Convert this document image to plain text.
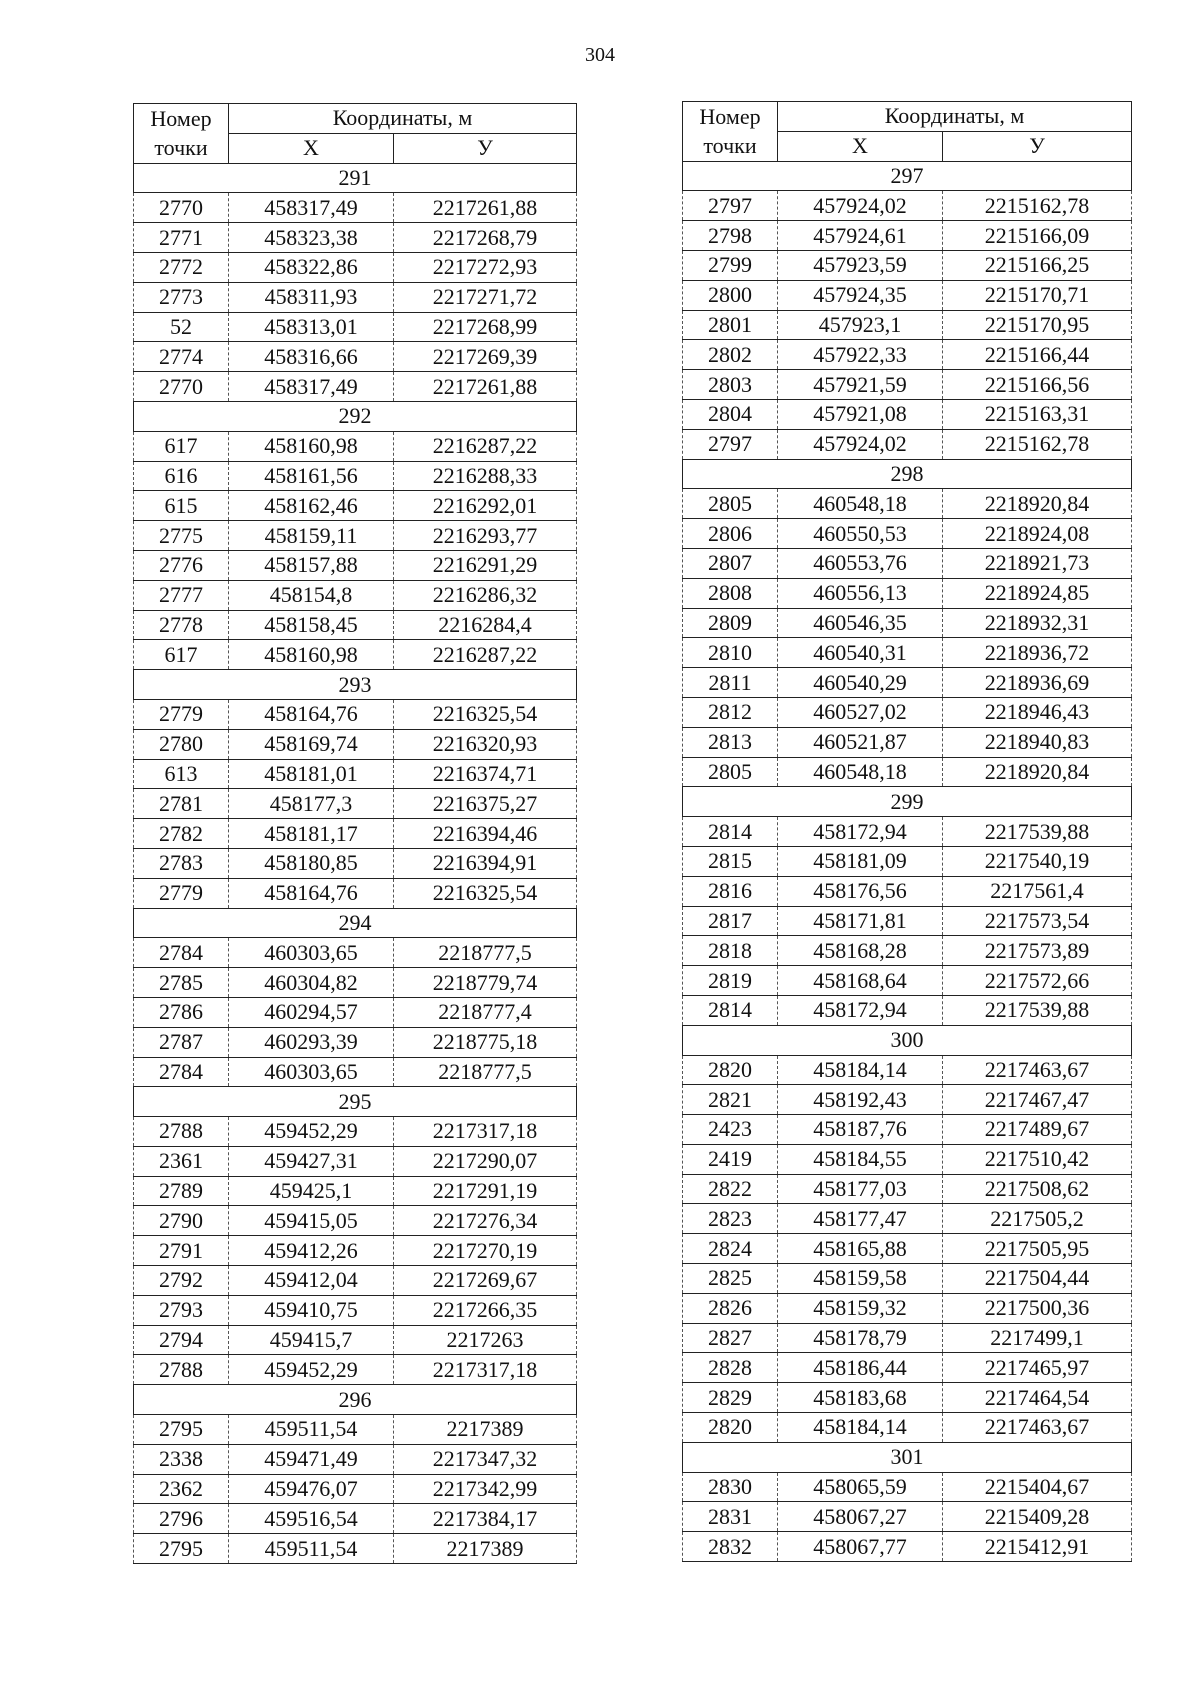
304
Номер
точки	Координаты, м	
	Х	У
291		
2770	458317,49	2217261,88
2771	458323,38	2217268,79
2772	458322,86	2217272,93
2773	458311,93	2217271,72
52	458313,01	2217268,99
2774	458316,66	2217269,39
2770	458317,49	2217261,88
292		
617	458160,98	2216287,22
616	458161,56	2216288,33
615	458162,46	2216292,01
2775	458159,11	2216293,77
2776	458157,88	2216291,29
2777	458154,8	2216286,32
2778	458158,45	2216284,4
617	458160,98	2216287,22
293		
2779	458164,76	2216325,54
2780	458169,74	2216320,93
613	458181,01	2216374,71
2781	458177,3	2216375,27
2782	458181,17	2216394,46
2783	458180,85	2216394,91
2779	458164,76	2216325,54
294		
2784	460303,65	2218777,5
2785	460304,82	2218779,74
2786	460294,57	2218777,4
2787	460293,39	2218775,18
2784	460303,65	2218777,5
295		
2788	459452,29	2217317,18
2361	459427,31	2217290,07
2789	459425,1	2217291,19
2790	459415,05	2217276,34
2791	459412,26	2217270,19
2792	459412,04	2217269,67
2793	459410,75	2217266,35
2794	459415,7	2217263
2788	459452,29	2217317,18
296		
2795	459511,54	2217389
2338	459471,49	2217347,32
2362	459476,07	2217342,99
2796	459516,54	2217384,17
2795	459511,54	2217389
Номер
точки	Координаты, м	
	Х	У
297		
2797	457924,02	2215162,78
2798	457924,61	2215166,09
2799	457923,59	2215166,25
2800	457924,35	2215170,71
2801	457923,1	2215170,95
2802	457922,33	2215166,44
2803	457921,59	2215166,56
2804	457921,08	2215163,31
2797	457924,02	2215162,78
298		
2805	460548,18	2218920,84
2806	460550,53	2218924,08
2807	460553,76	2218921,73
2808	460556,13	2218924,85
2809	460546,35	2218932,31
2810	460540,31	2218936,72
2811	460540,29	2218936,69
2812	460527,02	2218946,43
2813	460521,87	2218940,83
2805	460548,18	2218920,84
299		
2814	458172,94	2217539,88
2815	458181,09	2217540,19
2816	458176,56	2217561,4
2817	458171,81	2217573,54
2818	458168,28	2217573,89
2819	458168,64	2217572,66
2814	458172,94	2217539,88
300		
2820	458184,14	2217463,67
2821	458192,43	2217467,47
2423	458187,76	2217489,67
2419	458184,55	2217510,42
2822	458177,03	2217508,62
2823	458177,47	2217505,2
2824	458165,88	2217505,95
2825	458159,58	2217504,44
2826	458159,32	2217500,36
2827	458178,79	2217499,1
2828	458186,44	2217465,97
2829	458183,68	2217464,54
2820	458184,14	2217463,67
301		
2830	458065,59	2215404,67
2831	458067,27	2215409,28
2832	458067,77	2215412,91
